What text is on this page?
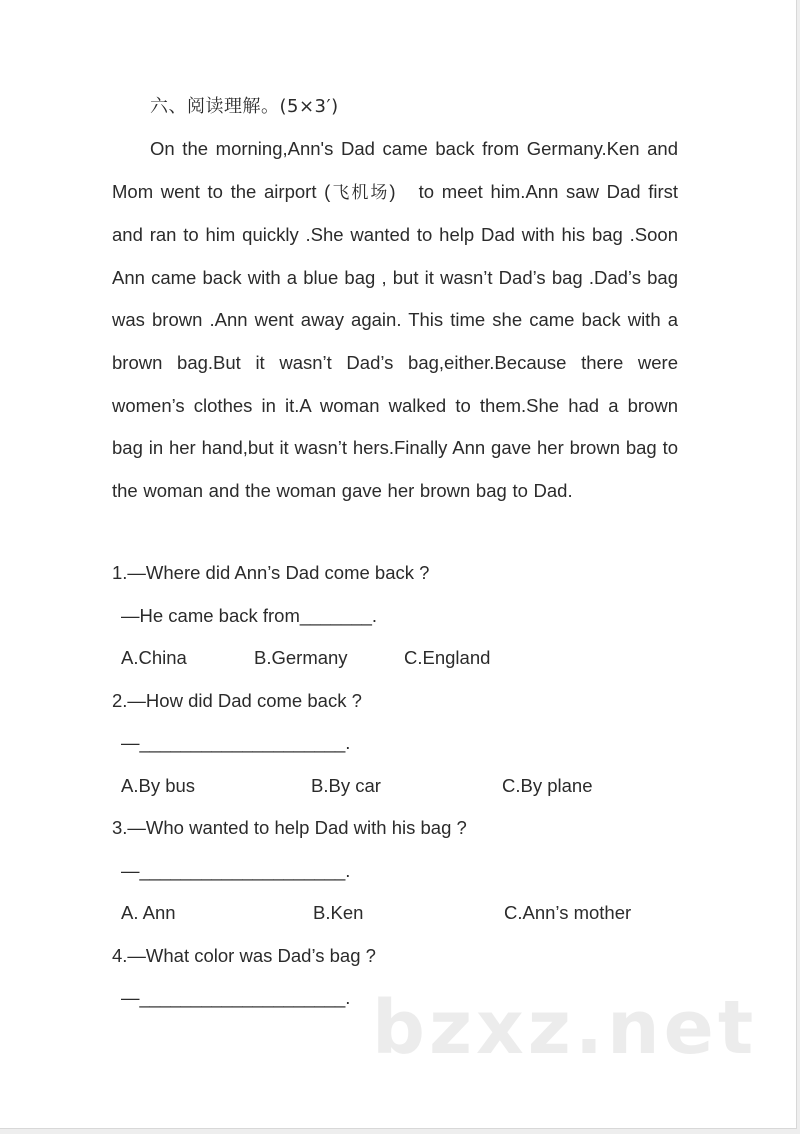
六、阅读理解。(5×3′)

On the morning,Ann's Dad came back from Germany.Ken and Mom went to the airport (飞机场)   to meet him.Ann saw Dad first and ran to him quickly .She wanted to help Dad with his bag .Soon Ann came back with a blue bag , but it wasn’t Dad’s bag .Dad’s bag was brown .Ann went away again. This time she came back with a brown bag.But it wasn’t Dad’s bag,either.Because there were women’s clothes in it.A woman walked to them.She had a brown bag in her hand,but it wasn’t hers.Finally Ann gave her brown bag to the woman and the woman gave her brown bag to Dad.

1.—Where did Ann’s Dad come back ?
—He came back from_______.
A.China	B.Germany	C.England
2.—How did Dad come back ?
—____________________.
A.By bus	B.By car	C.By plane
3.—Who wanted to help Dad with his bag ?
—____________________.
A. Ann	B.Ken	C.Ann’s mother
4.—What color was Dad’s bag ?
—____________________. bzxz.net
